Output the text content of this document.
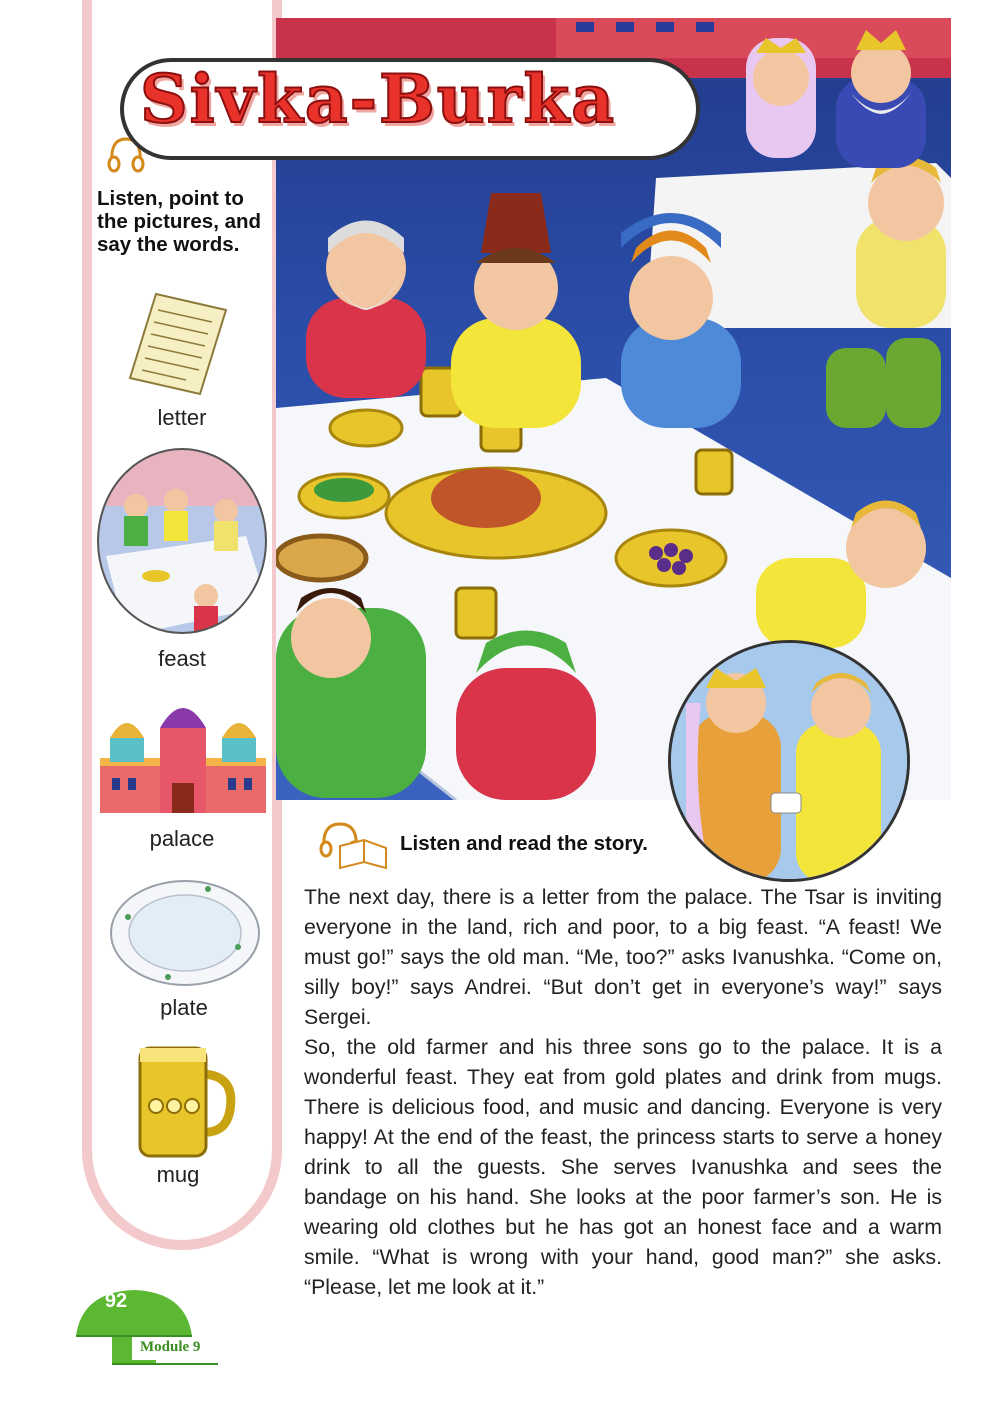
Sivka-Burka
Listen, point to the pictures, and say the words.
letter
feast
palace
plate
mug
Listen and read the story.

The next day, there is a letter from the palace. The Tsar is inviting everyone in the land, rich and poor, to a big feast. “A feast! We must go!” says the old man. “Me, too?” asks Ivanushka. “Come on, silly boy!” says Andrei. “But don’t get in everyone’s way!” says Sergei.

So, the old farmer and his three sons go to the palace. It is a wonderful feast. They eat from gold plates and drink from mugs. There is delicious food, and music and dancing. Everyone is very happy! At the end of the feast, the princess starts to serve a honey drink to all the guests. She serves Ivanushka and sees the bandage on his hand. She looks at the poor farmer’s son. He is wearing old clothes but he has got an honest face and a warm smile. “What is wrong with your hand, good man?” she asks. “Please, let me look at it.”

92
Module 9
